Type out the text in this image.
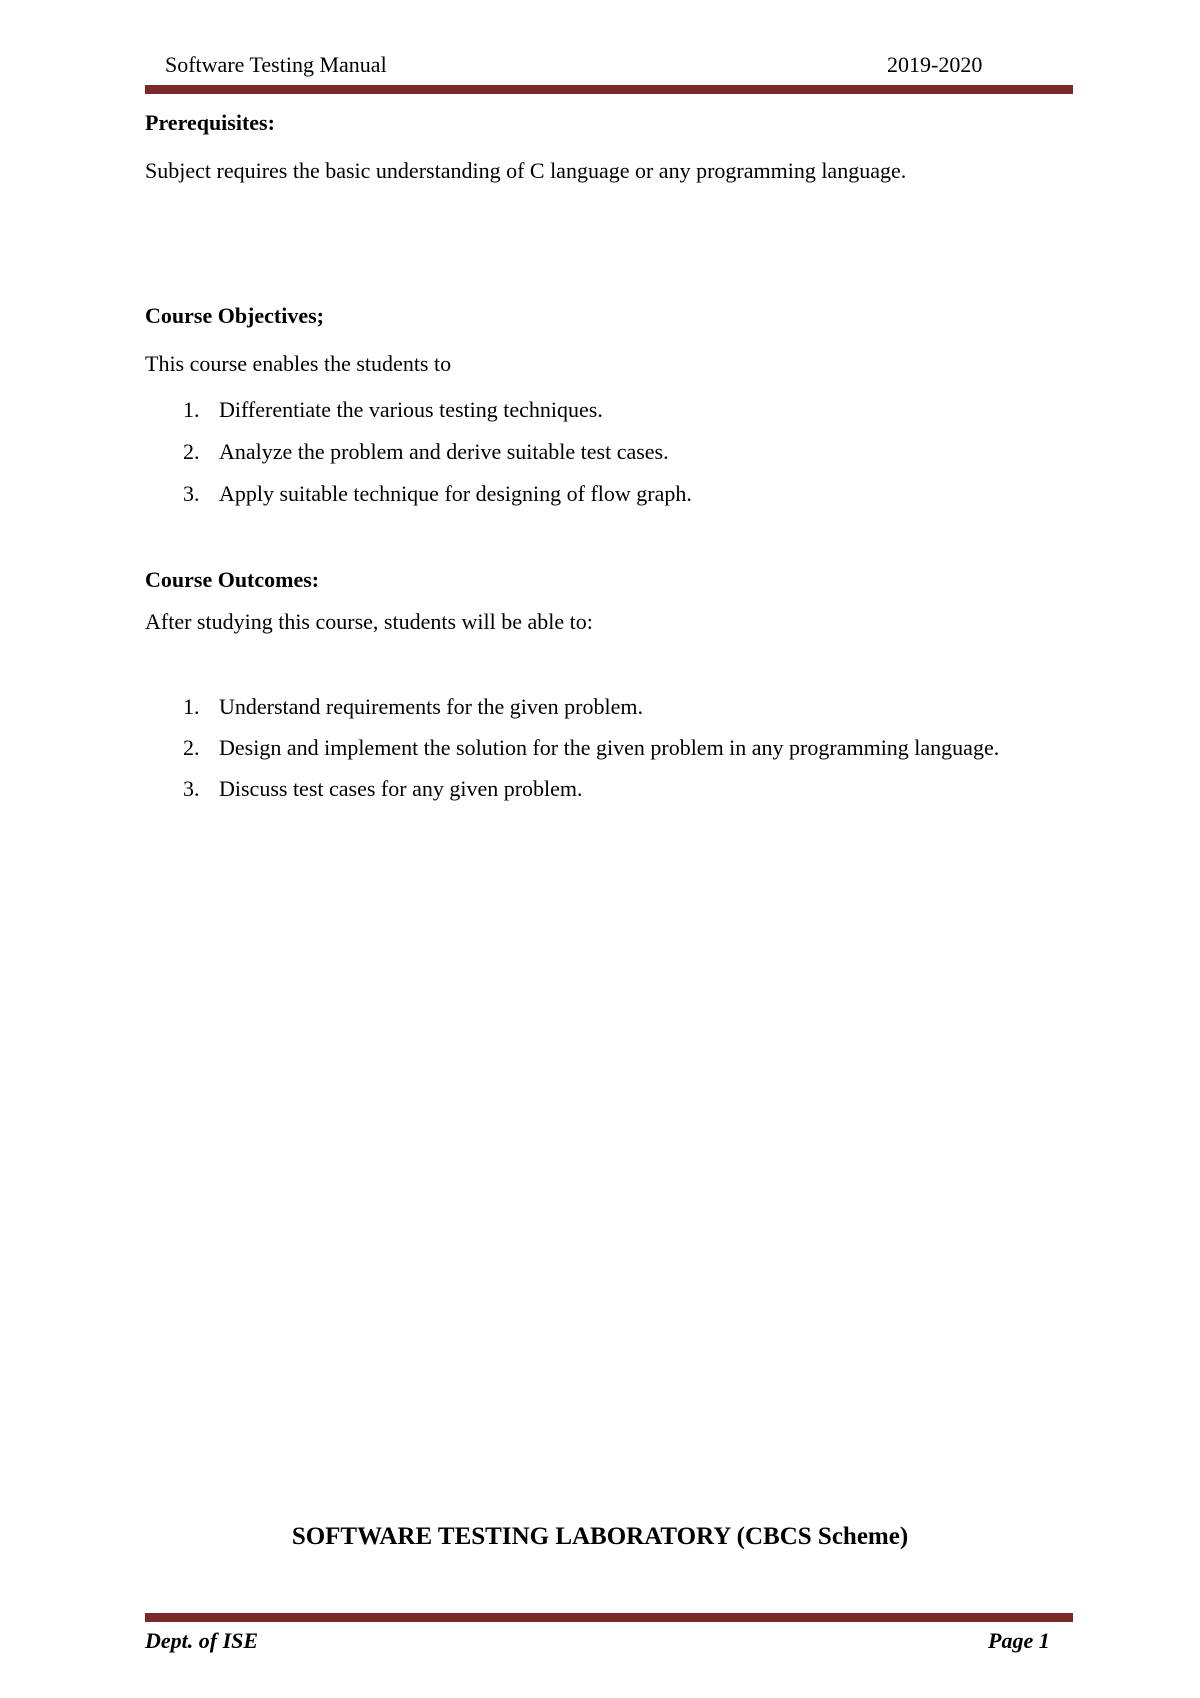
Software Testing Manual	2019-2020
Prerequisites:
Subject requires the basic understanding of C language or any programming language.
Course Objectives;
This course enables the students to
1. Differentiate the various testing techniques.
2. Analyze the problem and derive suitable test cases.
3. Apply suitable technique for designing of flow graph.
Course Outcomes:
After studying this course, students will be able to:
1. Understand requirements for the given problem.
2. Design and implement the solution for the given problem in any programming language.
3. Discuss test cases for any given problem.
SOFTWARE TESTING LABORATORY (CBCS Scheme)
Dept. of ISE	Page 1
